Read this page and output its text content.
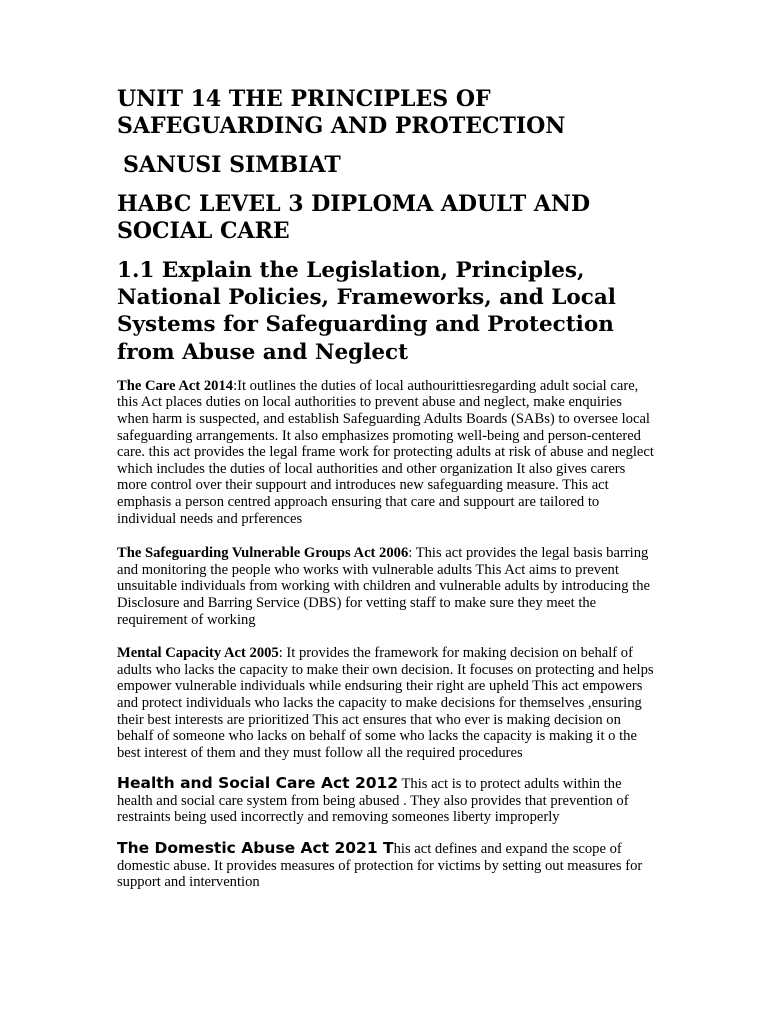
UNIT 14 THE PRINCIPLES OF SAFEGUARDING AND PROTECTION
SANUSI SIMBIAT
HABC LEVEL 3 DIPLOMA ADULT AND SOCIAL CARE
1.1 Explain the Legislation, Principles, National Policies, Frameworks, and Local Systems for Safeguarding and Protection from Abuse and Neglect

The Care Act 2014:It outlines the duties of local authourittiesregarding adult social care, this Act places duties on local authorities to prevent abuse and neglect, make enquiries when harm is suspected, and establish Safeguarding Adults Boards (SABs) to oversee local safeguarding arrangements. It also emphasizes promoting well-being and person-centered care. this act provides the legal frame work for protecting adults at risk of abuse and neglect which includes the duties of local authorities and other organization It also gives carers more control over their suppourt and introduces new safeguarding measure. This act emphasis a person centred approach ensuring that care and suppourt are tailored to individual needs and prferences

The Safeguarding Vulnerable Groups Act 2006: This act provides the legal basis barring and monitoring the people who works with vulnerable adults This Act aims to prevent unsuitable individuals from working with children and vulnerable adults by introducing the Disclosure and Barring Service (DBS) for vetting staff to make sure they meet the requirement of working

Mental Capacity Act 2005: It provides the framework for making decision on behalf of adults who lacks the capacity to make their own decision. It focuses on protecting and helps empower vulnerable individuals while endsuring their right are upheld This act empowers and protect individuals who lacks the capacity to make decisions for themselves ,ensuring their best interests are prioritized This act ensures that who ever is making decision on behalf of someone who lacks on behalf of some who lacks the capacity is making it o the best interest of them and they must follow all the required procedures

Health and Social Care Act 2012 This act is to protect adults within the health and social care system from being abused . They also provides that prevention of restraints being used incorrectly and removing someones liberty improperly

The Domestic Abuse Act 2021 This act defines and expand the scope of domestic abuse. It provides measures of protection for victims by setting out measures for support and intervention
